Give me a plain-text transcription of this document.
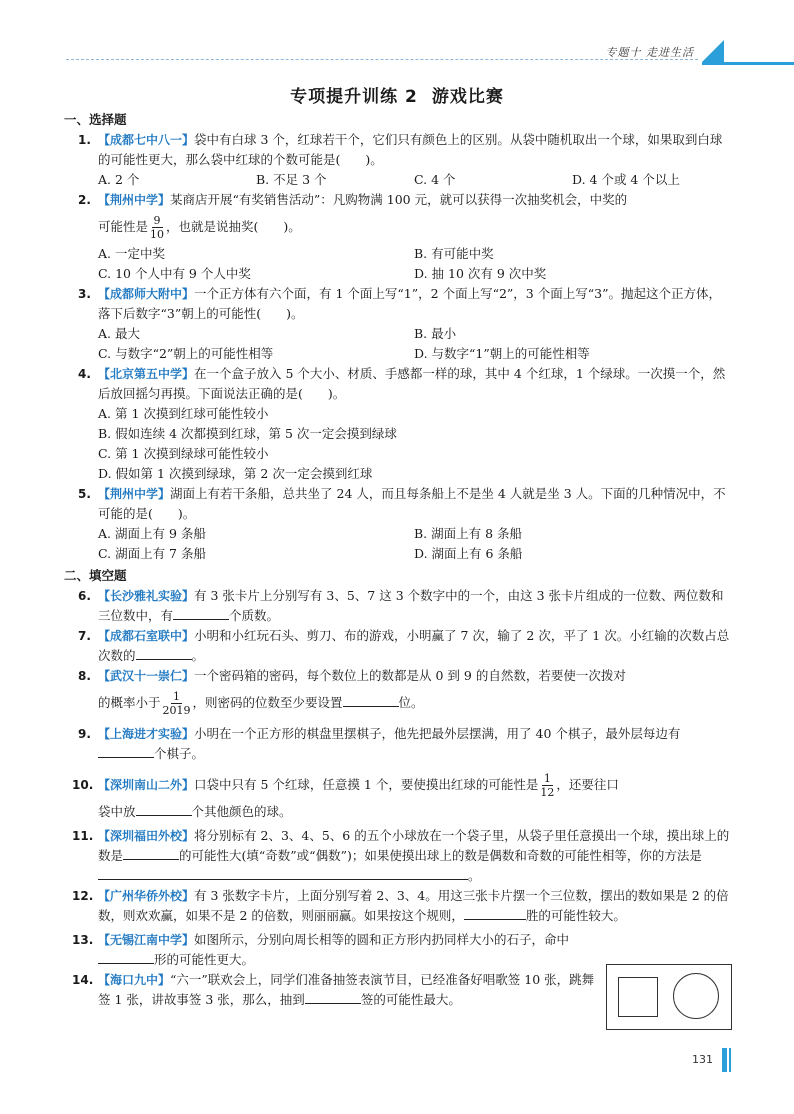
专题十 走进生活
专项提升训练 2 游戏比赛
一、选择题
1. 【成都七中八一】袋中有白球 3 个，红球若干个，它们只有颜色上的区别。从袋中随机取出一个球，如果取到白球的可能性更大，那么袋中红球的个数可能是(　　)。
A. 2 个	B. 不足 3 个	C. 4 个	D. 4 个或 4 个以上
2. 【荆州中学】某商店开展“有奖销售活动”：凡购物满 100 元，就可以获得一次抽奖机会，中奖的
可能性是 $\frac{9}{10}$ ，也就是说抽奖(　　)。
A. 一定中奖	B. 有可能中奖
C. 10 个人中有 9 个人中奖	D. 抽 10 次有 9 次中奖
3. 【成都师大附中】一个正方体有六个面，有 1 个面上写“1”，2 个面上写“2”，3 个面上写“3”。抛起这个正方体，落下后数字“3”朝上的可能性(　　)。
A. 最大	B. 最小
C. 与数字“2”朝上的可能性相等	D. 与数字“1”朝上的可能性相等
4. 【北京第五中学】在一个盒子放入 5 个大小、材质、手感都一样的球，其中 4 个红球，1 个绿球。一次摸一个，然后放回摇匀再摸。下面说法正确的是(　　)。
A. 第 1 次摸到红球可能性较小
B. 假如连续 4 次都摸到红球，第 5 次一定会摸到绿球
C. 第 1 次摸到绿球可能性较小
D. 假如第 1 次摸到绿球，第 2 次一定会摸到红球
5. 【荆州中学】湖面上有若干条船，总共坐了 24 人，而且每条船上不是坐 4 人就是坐 3 人。下面的几种情况中，不可能的是(　　)。
A. 湖面上有 9 条船	B. 湖面上有 8 条船
C. 湖面上有 7 条船	D. 湖面上有 6 条船
二、填空题
6. 【长沙雅礼实验】有 3 张卡片上分别写有 3、5、7 这 3 个数字中的一个，由这 3 张卡片组成的一位数、两位数和三位数中，有	个质数。
7. 【成都石室联中】小明和小红玩石头、剪刀、布的游戏，小明赢了 7 次，输了 2 次，平了 1 次。小红输的次数占总次数的	。
8. 【武汉十一崇仁】一个密码箱的密码，每个数位上的数都是从 0 到 9 的自然数，若要使一次拨对
的概率小于 $\frac{1}{2019}$ ，则密码的位数至少要设置	位。
9. 【上海进才实验】小明在一个正方形的棋盘里摆棋子，他先把最外层摆满，用了 40 个棋子，最外层每边有个棋子。
10. 【深圳南山二外】口袋中只有 5 个红球，任意摸 1 个，要使摸出红球的可能性是 $\frac{1}{12}$ ，还要往口
袋中放	个其他颜色的球。
11. 【深圳福田外校】将分别标有 2、3、4、5、6 的五个小球放在一个袋子里，从袋子里任意摸出一个球，摸出球上的数是	的可能性大(填“奇数”或“偶数”)；如果使摸出球上的数是偶数和奇数的可能性相等，你的方法是。
12. 【广州华侨外校】有 3 张数字卡片，上面分别写着 2、3、4。用这三张卡片摆一个三位数，摆出的数如果是 2 的倍数，则欢欢赢，如果不是 2 的倍数，则丽丽赢。如果按这个规则，	胜的可能性较大。
13. 【无锡江南中学】如图所示，分别向周长相等的圆和正方形内扔同样大小的石子，命中形的可能性更大。
14. 【海口九中】“六一”联欢会上，同学们准备抽签表演节目，已经准备好唱歌签 10 张，跳舞签 1 张，讲故事签 3 张，那么，抽到	签的可能性最大。
131
